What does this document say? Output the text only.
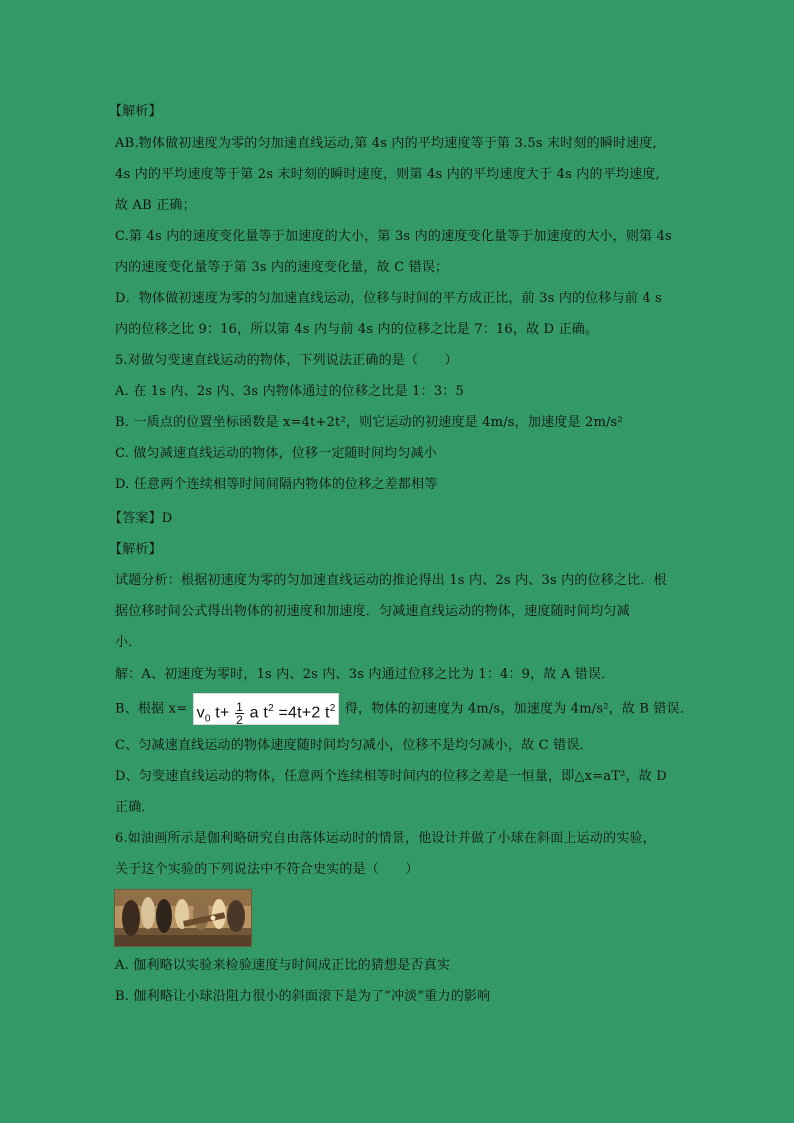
【解析】
AB.物体做初速度为零的匀加速直线运动,第 4s 内的平均速度等于第 3.5s 末时刻的瞬时速度,
4s 内的平均速度等于第 2s 末时刻的瞬时速度，则第 4s 内的平均速度大于 4s 内的平均速度,
故 AB 正确；
C.第 4s 内的速度变化量等于加速度的大小，第 3s 内的速度变化量等于加速度的大小，则第 4s
内的速度变化量等于第 3s 内的速度变化量，故 C 错误；
D．物体做初速度为零的匀加速直线运动，位移与时间的平方成正比，前 3s 内的位移与前 4 s
内的位移之比 9：16，所以第 4s 内与前 4s 内的位移之比是 7：16，故 D 正确。
5.对做匀变速直线运动的物体，下列说法正确的是（　　）
A. 在 1s 内、2s 内、3s 内物体通过的位移之比是 1：3：5
B. 一质点的位置坐标函数是 x=4t+2t²，则它运动的初速度是 4m/s，加速度是 2m/s²
C. 做匀减速直线运动的物体，位移一定随时间均匀减小
D. 任意两个连续相等时间间隔内物体的位移之差都相等
【答案】D
【解析】
试题分析：根据初速度为零的匀加速直线运动的推论得出 1s 内、2s 内、3s 内的位移之比．根
据位移时间公式得出物体的初速度和加速度．匀减速直线运动的物体，速度随时间均匀减
小．
解：A、初速度为零时，1s 内、2s 内、3s 内通过位移之比为 1：4：9，故 A 错误．
B、根据 $x= v_0$ $t+ \frac{1}{2}$ a $t^2 =4t+2$ $t^2$ 得，物体的初速度为 4m/s，加速度为 4m/s²，故 B 错误．
C、匀减速直线运动的物体速度随时间均匀减小，位移不是均匀减小，故 C 错误．
D、匀变速直线运动的物体，任意两个连续相等时间内的位移之差是一恒量，即△x=aT²，故 D
正确．
6.如油画所示是伽利略研究自由落体运动时的情景，他设计并做了小球在斜面上运动的实验，
关于这个实验的下列说法中不符合史实的是（　　）
A. 伽利略以实验来检验速度与时间成正比的猜想是否真实
B. 伽利略让小球沿阻力很小的斜面滚下是为了“冲淡”重力的影响
